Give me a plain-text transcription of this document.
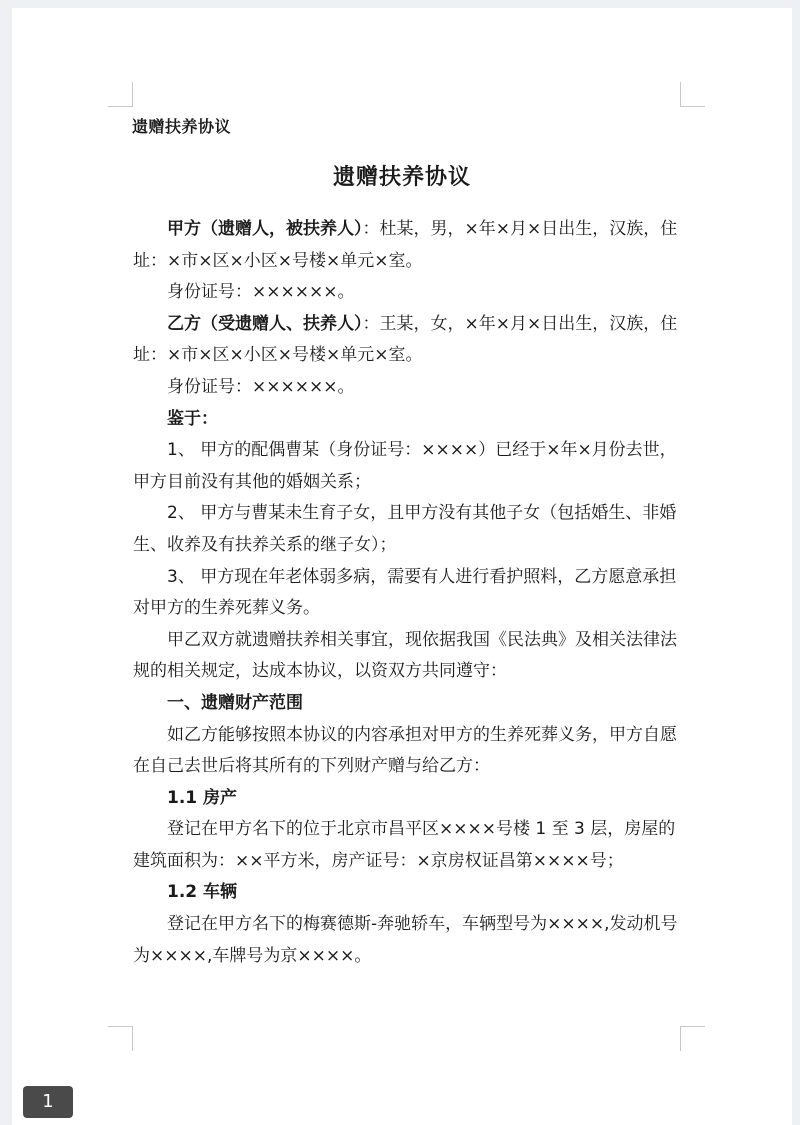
遗赠扶养协议
遗赠扶养协议

甲方（遗赠人，被扶养人）：杜某，男，×年×月×日出生，汉族，住址：×市×区×小区×号楼×单元×室。

身份证号：××××××。

乙方（受遗赠人、扶养人）：王某，女，×年×月×日出生，汉族，住址：×市×区×小区×号楼×单元×室。

身份证号：××××××。

鉴于：

1、 甲方的配偶曹某（身份证号：××××）已经于×年×月份去世，甲方目前没有其他的婚姻关系；

2、 甲方与曹某未生育子女，且甲方没有其他子女（包括婚生、非婚生、收养及有扶养关系的继子女）；

3、 甲方现在年老体弱多病，需要有人进行看护照料，乙方愿意承担对甲方的生养死葬义务。

甲乙双方就遗赠扶养相关事宜，现依据我国《民法典》及相关法律法规的相关规定，达成本协议，以资双方共同遵守：

一、遗赠财产范围

如乙方能够按照本协议的内容承担对甲方的生养死葬义务，甲方自愿在自己去世后将其所有的下列财产赠与给乙方：

1.1 房产

登记在甲方名下的位于北京市昌平区××××号楼 1 至 3 层，房屋的建筑面积为：××平方米，房产证号：×京房权证昌第××××号；

1.2 车辆

登记在甲方名下的梅赛德斯-奔驰轿车，车辆型号为××××,发动机号为××××,车牌号为京××××。

1
